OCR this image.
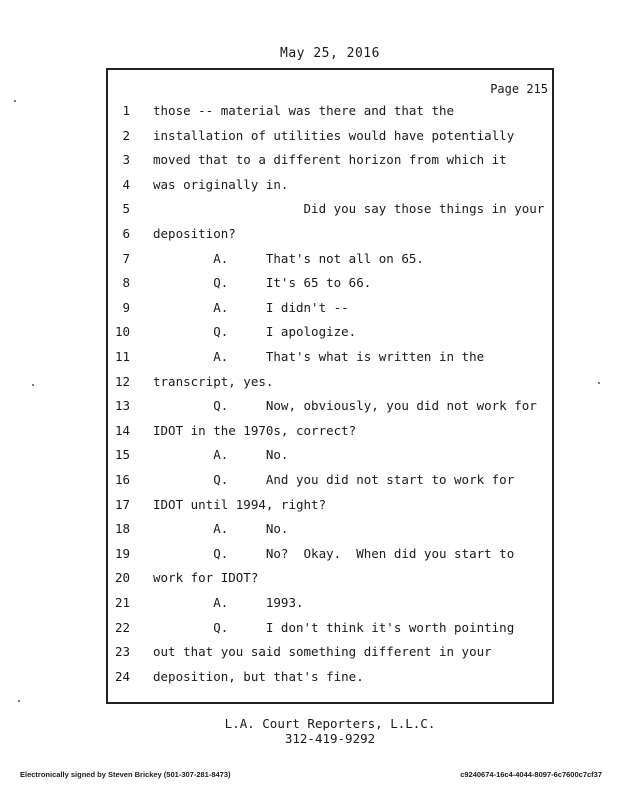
May 25, 2016
Page 215
1 those -- material was there and that the
2 installation of utilities would have potentially
3 moved that to a different horizon from which it
4 was originally in.
5 Did you say those things in your
6 deposition?
7 A.     That's not all on 65.
8 Q.     It's 65 to 66.
9 A.     I didn't --
10 Q.     I apologize.
11 A.     That's what is written in the
12 transcript, yes.
13 Q.     Now, obviously, you did not work for
14 IDOT in the 1970s, correct?
15 A.     No.
16 Q.     And you did not start to work for
17 IDOT until 1994, right?
18 A.     No.
19 Q.     No?  Okay.  When did you start to
20 work for IDOT?
21 A.     1993.
22 Q.     I don't think it's worth pointing
23 out that you said something different in your
24 deposition, but that's fine.
L.A. Court Reporters, L.L.C.
312-419-9292
Electronically signed by Steven Brickey (501-307-281-8473)	c9240674-16c4-4044-8097-6c7600c7cf37
